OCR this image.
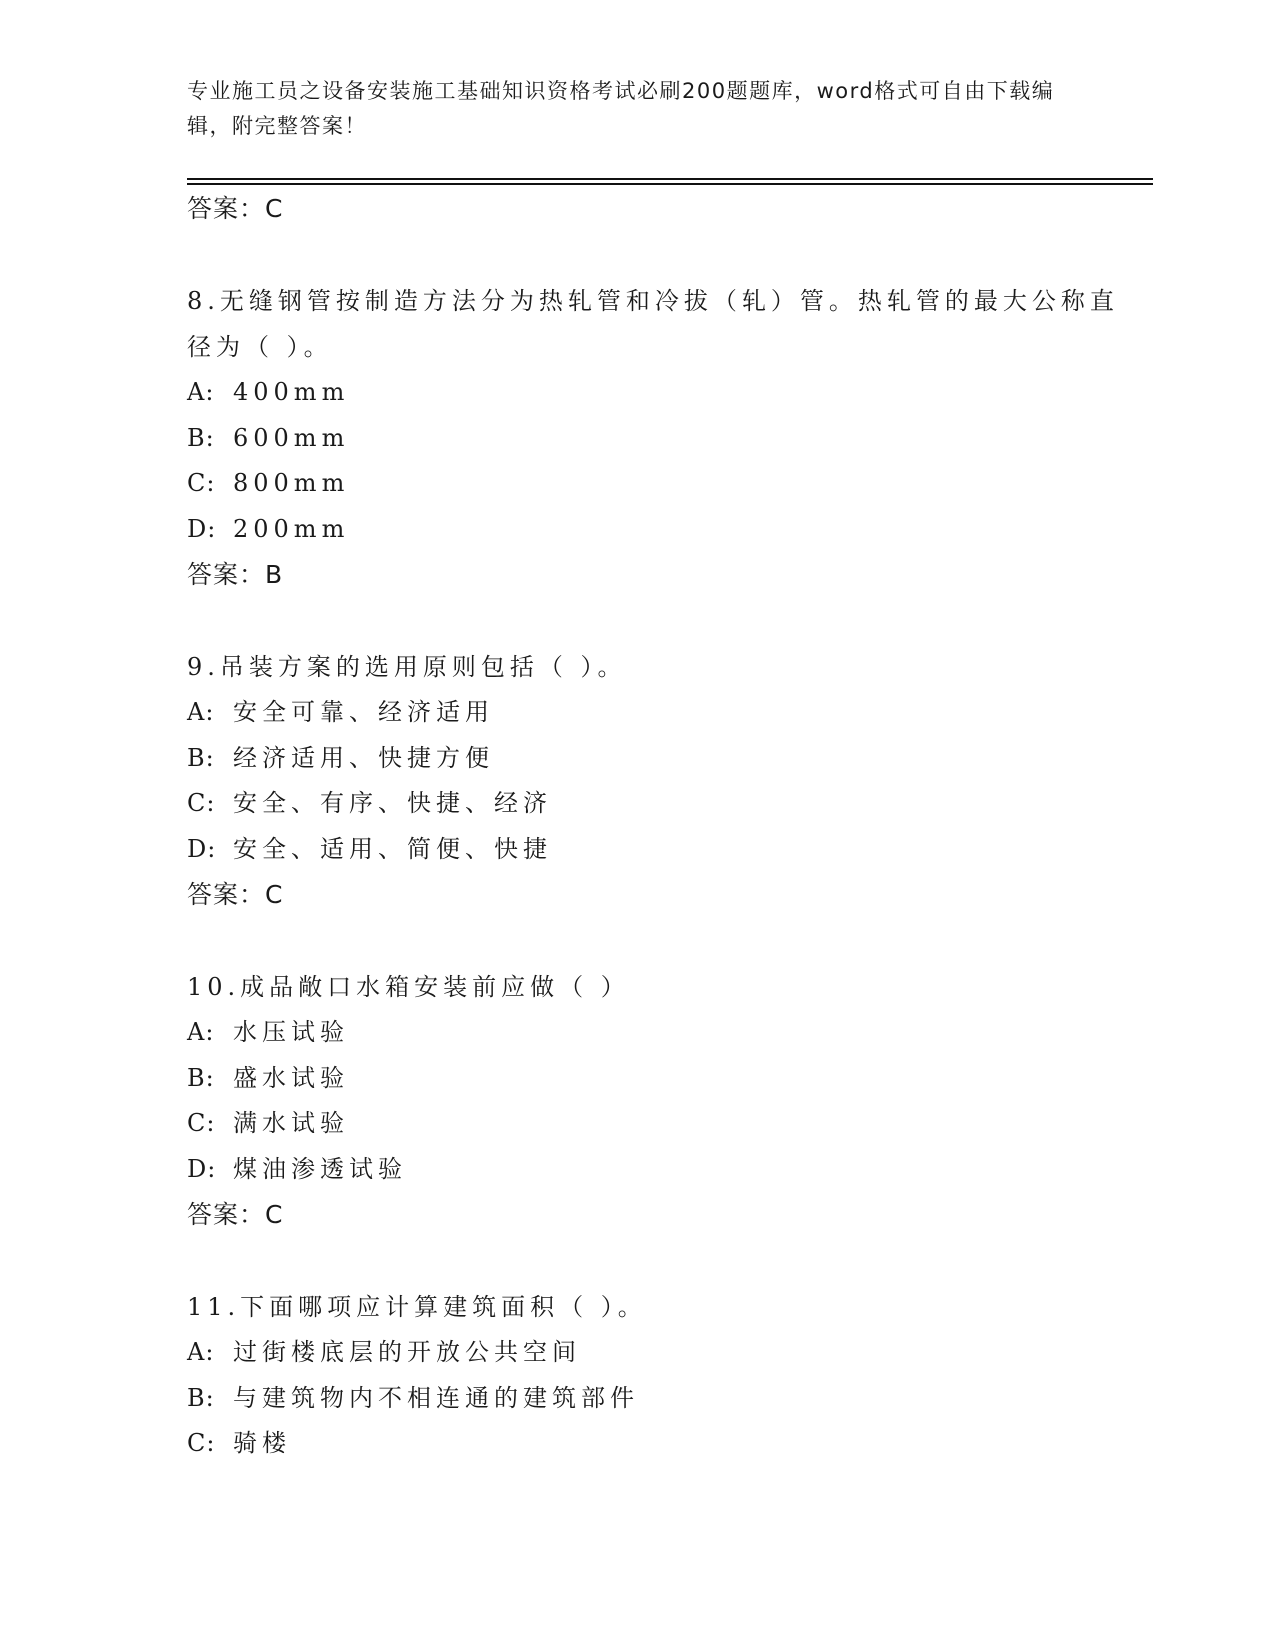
专业施工员之设备安装施工基础知识资格考试必刷200题题库，word格式可自由下载编辑，附完整答案！

答案：C

8.无缝钢管按制造方法分为热轧管和冷拔（轧）管。热轧管的最大公称直径为（ ）。

A: 400mm

B: 600mm

C: 800mm

D: 200mm

答案：B

9.吊装方案的选用原则包括（ ）。

A: 安全可靠、经济适用

B: 经济适用、快捷方便

C: 安全、有序、快捷、经济

D: 安全、适用、简便、快捷

答案：C

10.成品敞口水箱安装前应做（ ）

A: 水压试验

B: 盛水试验

C: 满水试验

D: 煤油渗透试验

答案：C

11.下面哪项应计算建筑面积（ ）。

A: 过街楼底层的开放公共空间

B: 与建筑物内不相连通的建筑部件

C: 骑楼
